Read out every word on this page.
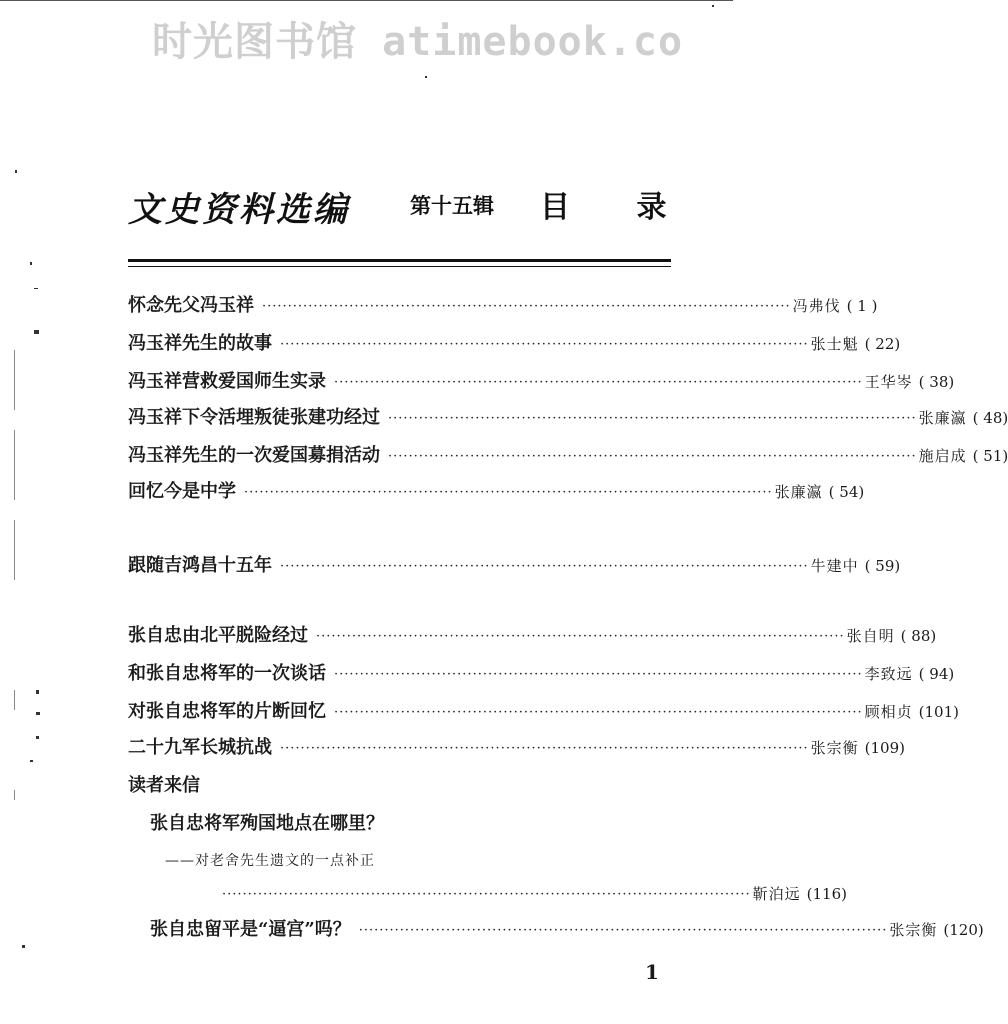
时光图书馆 atimebook.co
文史资料选编	第十五辑 目 录
怀念先父冯玉祥 ······································································································· 冯弗伐 ( 1 )
冯玉祥先生的故事 ······································································································· 张士魁 ( 22)
冯玉祥营救爱国师生实录 ······································································································· 王华岑 ( 38)
冯玉祥下令活埋叛徒张建功经过 ······································································································· 张廉瀛 ( 48)
冯玉祥先生的一次爱国募捐活动 ······································································································· 施启成 ( 51)
回忆今是中学 ······································································································· 张廉瀛 ( 54)
跟随吉鸿昌十五年 ······································································································· 牛建中 ( 59)
张自忠由北平脱险经过 ······································································································· 张自明 ( 88)
和张自忠将军的一次谈话 ······································································································· 李致远 ( 94)
对张自忠将军的片断回忆 ······································································································· 顾相贞 (101)
二十九军长城抗战 ······································································································· 张宗衡 (109)
读者来信
张自忠将军殉国地点在哪里？
——对老舍先生遗文的一点补正
······································································································· 靳泊远 (116)
张自忠留平是“逼宫”吗？ ······································································································· 张宗衡 (120)
1
